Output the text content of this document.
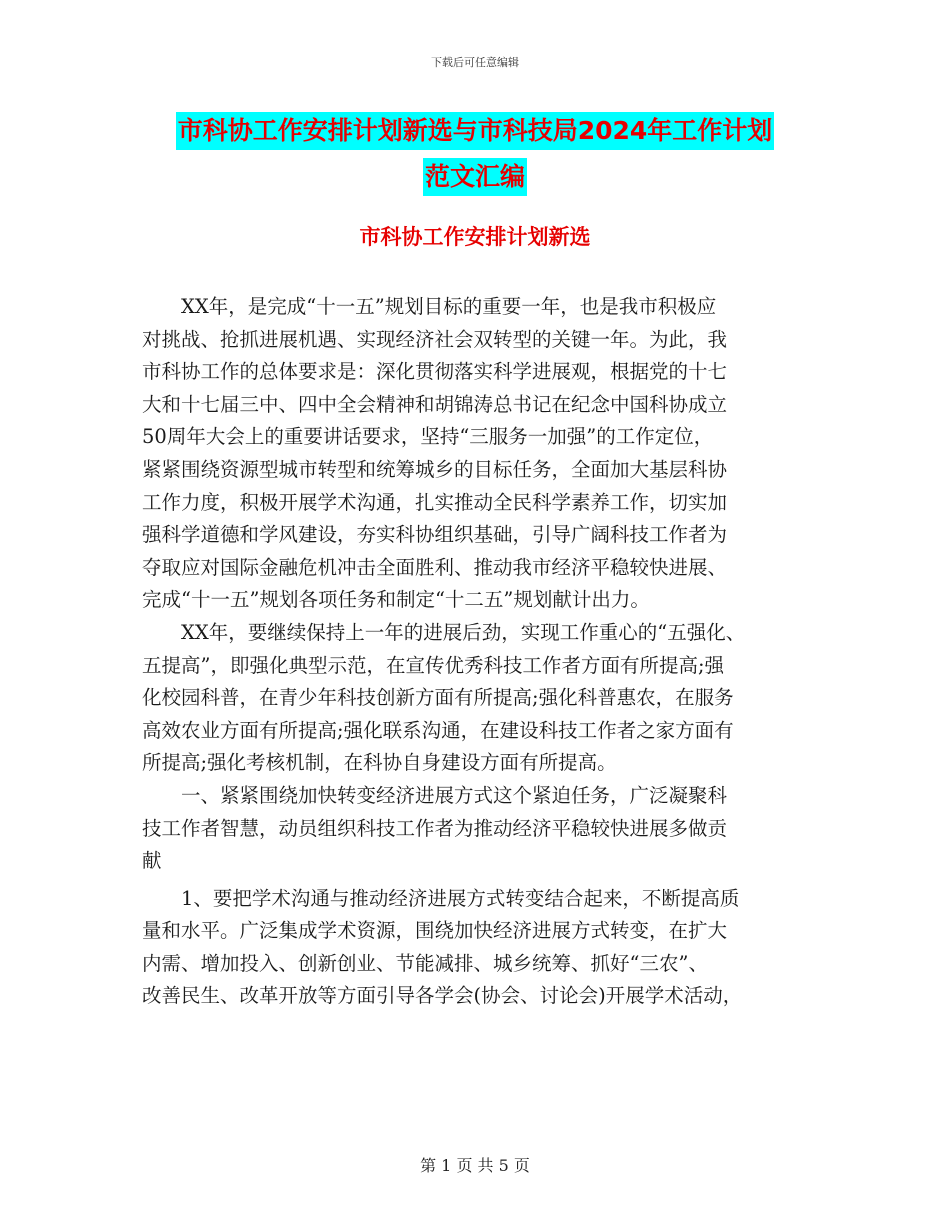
下载后可任意编辑
市科协工作安排计划新选与市科技局2024年工作计划
范文汇编
市科协工作安排计划新选
　　XX年，是完成“十一五”规划目标的重要一年，也是我市积极应
对挑战、抢抓进展机遇、实现经济社会双转型的关键一年。为此，我
市科协工作的总体要求是：深化贯彻落实科学进展观，根据党的十七
大和十七届三中、四中全会精神和胡锦涛总书记在纪念中国科协成立
50周年大会上的重要讲话要求，坚持“三服务一加强”的工作定位，
紧紧围绕资源型城市转型和统筹城乡的目标任务，全面加大基层科协
工作力度，积极开展学术沟通，扎实推动全民科学素养工作，切实加
强科学道德和学风建设，夯实科协组织基础，引导广阔科技工作者为
夺取应对国际金融危机冲击全面胜利、推动我市经济平稳较快进展、
完成“十一五”规划各项任务和制定“十二五”规划献计出力。
　　XX年，要继续保持上一年的进展后劲，实现工作重心的“五强化、
五提高”，即强化典型示范，在宣传优秀科技工作者方面有所提高;强
化校园科普，在青少年科技创新方面有所提高;强化科普惠农，在服务
高效农业方面有所提高;强化联系沟通，在建设科技工作者之家方面有
所提高;强化考核机制，在科协自身建设方面有所提高。
　　一、紧紧围绕加快转变经济进展方式这个紧迫任务，广泛凝聚科
技工作者智慧，动员组织科技工作者为推动经济平稳较快进展多做贡
献
　　1、要把学术沟通与推动经济进展方式转变结合起来，不断提高质
量和水平。广泛集成学术资源，围绕加快经济进展方式转变，在扩大
内需、增加投入、创新创业、节能减排、城乡统筹、抓好“三农”、
改善民生、改革开放等方面引导各学会(协会、讨论会)开展学术活动，
第 1 页 共 5 页
